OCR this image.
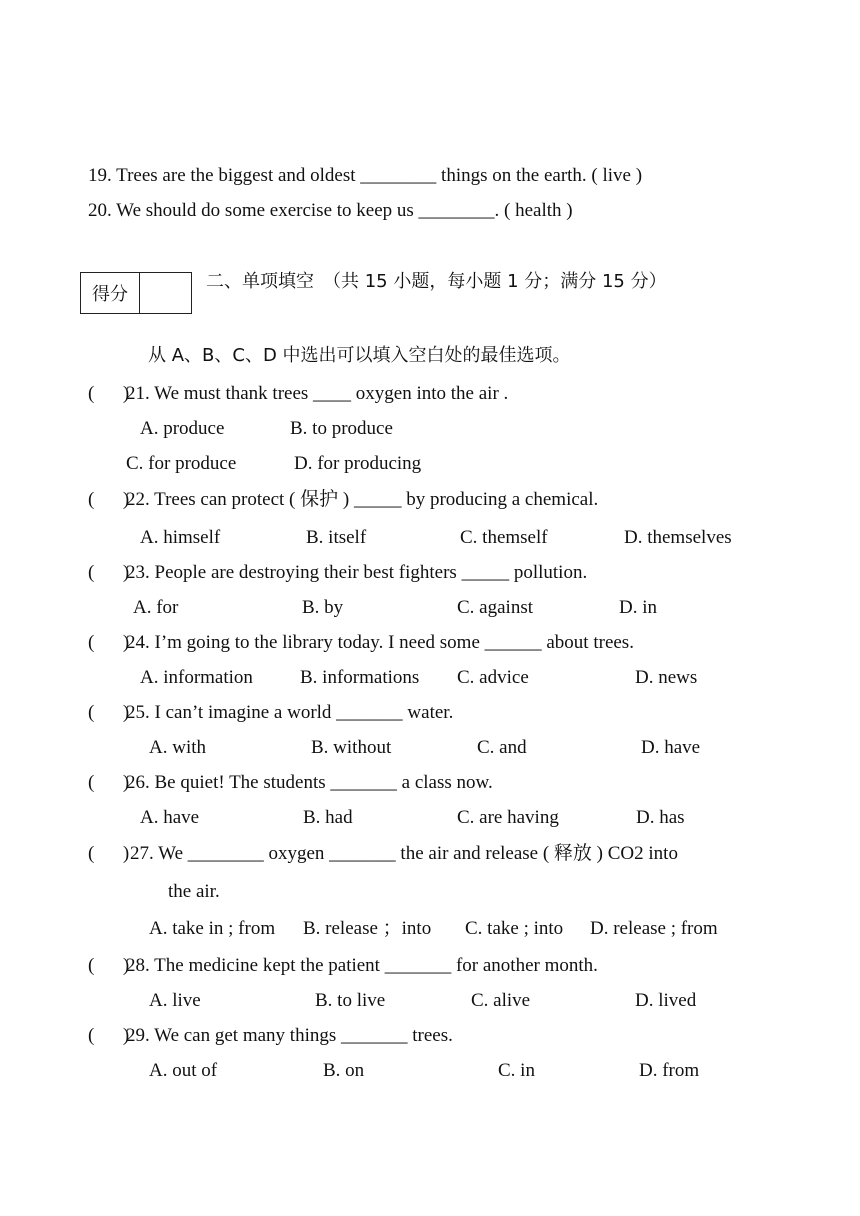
19. Trees are the biggest and oldest ________ things on the earth. ( live )
20. We should do some exercise to keep us ________. ( health )
得分
二、单项填空　（共 15 小题，每小题 1 分；满分 15 分）
从 A、B、C、D 中选出可以填入空白处的最佳选项。
(      )21. We must thank trees ____ oxygen into the air .
A. produce	B. to produce
C. for produce	D. for producing
(      )22. Trees can protect ( 保护 ) _____ by producing a chemical.
A. himself	B. itself	C. themself	D. themselves
(      )23. People are destroying their best fighters _____ pollution.
A. for	B. by	C. against	D. in
(      )24. I’m going to the library today. I need some ______ about trees.
A. information B. informations C. advice	D. news
(      )25. I can’t imagine a world _______ water.
A. with	B. without	C. and	D. have
(      )26. Be quiet! The students _______ a class now.
A. have	B. had	C. are having	D. has
(      )27. We ________ oxygen _______ the air and release ( 释放 ) CO2 into
the air.
A. take in ; from B. release ；into C. take ; into D. release ; from
(      )28. The medicine kept the patient _______ for another month.
A. live	B. to live	C. alive	D. lived
(      )29. We can get many things _______ trees.
A. out of	B. on	C. in	D. from
